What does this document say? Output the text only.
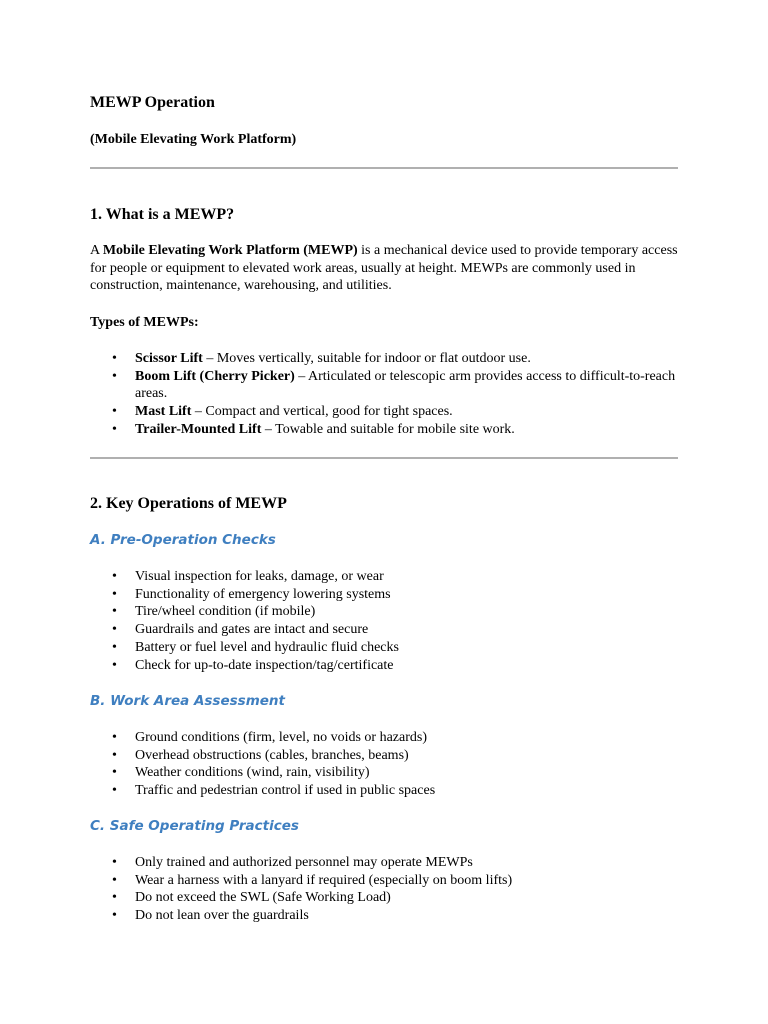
MEWP Operation

(Mobile Elevating Work Platform)

1. What is a MEWP?

A Mobile Elevating Work Platform (MEWP) is a mechanical device used to provide temporary access for people or equipment to elevated work areas, usually at height. MEWPs are commonly used in construction, maintenance, warehousing, and utilities.

Types of MEWPs:

• Scissor Lift – Moves vertically, suitable for indoor or flat outdoor use.
• Boom Lift (Cherry Picker) – Articulated or telescopic arm provides access to difficult-to-reach areas.
• Mast Lift – Compact and vertical, good for tight spaces.
• Trailer-Mounted Lift – Towable and suitable for mobile site work.
2. Key Operations of MEWP
A. Pre-Operation Checks
• Visual inspection for leaks, damage, or wear
• Functionality of emergency lowering systems
• Tire/wheel condition (if mobile)
• Guardrails and gates are intact and secure
• Battery or fuel level and hydraulic fluid checks
• Check for up-to-date inspection/tag/certificate
B. Work Area Assessment
• Ground conditions (firm, level, no voids or hazards)
• Overhead obstructions (cables, branches, beams)
• Weather conditions (wind, rain, visibility)
• Traffic and pedestrian control if used in public spaces
C. Safe Operating Practices
• Only trained and authorized personnel may operate MEWPs
• Wear a harness with a lanyard if required (especially on boom lifts)
• Do not exceed the SWL (Safe Working Load)
• Do not lean over the guardrails
